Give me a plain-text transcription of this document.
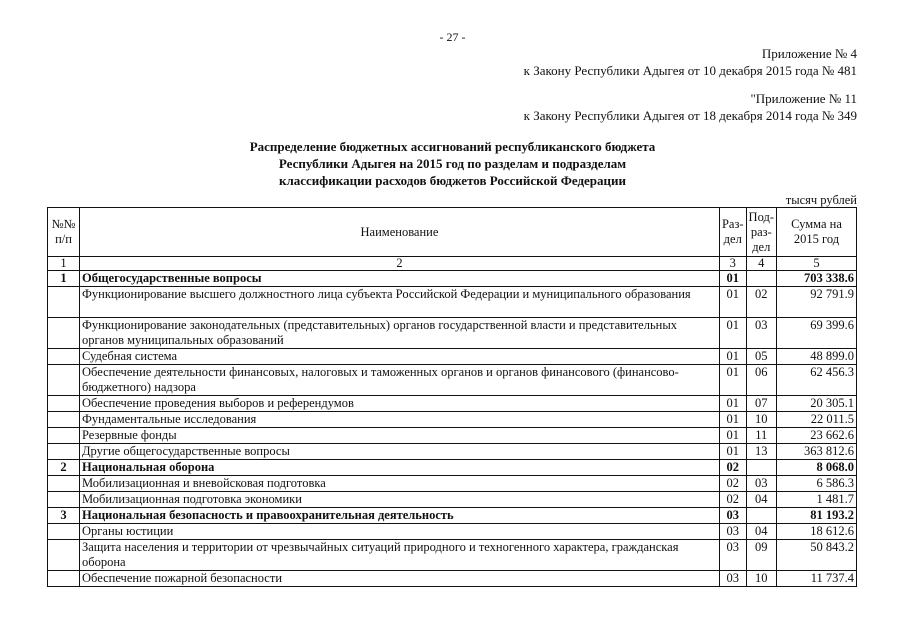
- 27 -
Приложение № 4
к Закону Республики Адыгея от 10 декабря 2015 года № 481
"Приложение № 11
к Закону Республики Адыгея от 18 декабря 2014 года № 349
Распределение бюджетных ассигнований республиканского бюджета
Республики Адыгея на 2015 год по разделам и подразделам
классификации расходов бюджетов Российской Федерации
тысяч рублей
№№ п/п	Наименование	Раз- дел	Под- раз- дел	Сумма на 2015 год
1	2	3	4	5
1	Общегосударственные вопросы	01		703 338.6
	Функционирование высшего должностного лица субъекта Российской Федерации и муниципального образования	01	02	92 791.9
	Функционирование законодательных (представительных) органов государственной власти и представительных органов муниципальных образований	01	03	69 399.6
	Судебная система	01	05	48 899.0
	Обеспечение деятельности финансовых, налоговых и таможенных органов и органов финансового (финансово-бюджетного) надзора	01	06	62 456.3
	Обеспечение проведения выборов и референдумов	01	07	20 305.1
	Фундаментальные исследования	01	10	22 011.5
	Резервные фонды	01	11	23 662.6
	Другие общегосударственные вопросы	01	13	363 812.6
2	Национальная оборона	02		8 068.0
	Мобилизационная и вневойсковая подготовка	02	03	6 586.3
	Мобилизационная подготовка экономики	02	04	1 481.7
3	Национальная безопасность и правоохранительная деятельность	03		81 193.2
	Органы юстиции	03	04	18 612.6
	Защита населения и территории от чрезвычайных ситуаций природного и техногенного характера, гражданская оборона	03	09	50 843.2
	Обеспечение пожарной безопасности	03	10	11 737.4
